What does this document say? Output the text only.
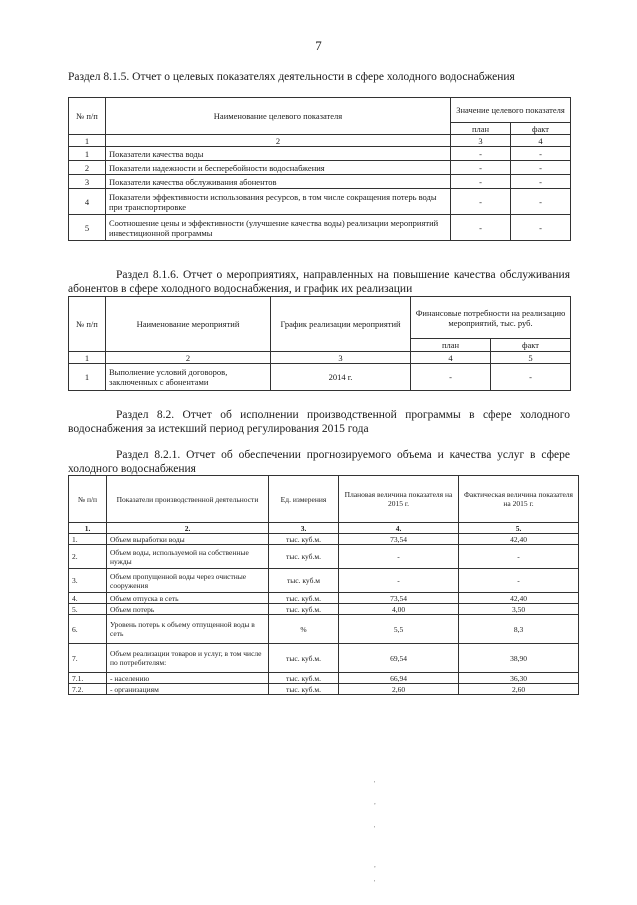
7
Раздел 8.1.5. Отчет о целевых показателях деятельности в сфере холодного водоснабжения
№ п/п	Наименование целевого показателя	Значение целевого показателя	
		план	факт
1	2	3	4
1	Показатели качества воды	-	-
2	Показатели надежности и бесперебойности водоснабжения	-	-
3	Показатели качества обслуживания абонентов	-	-
4	Показатели эффективности использования ресурсов, в том числе сокращения потерь воды при транспортировке	-	-
5	Соотношение цены и эффективности (улучшение качества воды) реализации мероприятий инвестиционной программы	-	-
Раздел 8.1.6. Отчет о мероприятиях, направленных на повышение качества обслуживания абонентов в сфере холодного водоснабжения, и график их реализации
№ п/п	Наименование мероприятий	График реализации мероприятий	Финансовые потребности на реализацию мероприятий, тыс. руб.	
			план	факт
1	2	3	4	5
1	Выполнение условий договоров, заключенных с абонентами	2014 г.	-	-
Раздел 8.2. Отчет об исполнении производственной программы в сфере холодного водоснабжения за истекший период регулирования 2015 года
Раздел 8.2.1. Отчет об обеспечении прогнозируемого объема и качества услуг в сфере холодного водоснабжения
№ п/п	Показатели производственной деятельности	Ед. измерения	Плановая величина показателя на 2015 г.	Фактическая величина показателя на 2015 г.
1.	2.	3.	4.	5.
1.	Объем выработки воды	тыс. куб.м.	73,54	42,40
2.	Объем воды, используемой на собственные нужды	тыс. куб.м.	-	-
3.	Объем пропущенной воды через очистные сооружения	тыс. куб.м	-	-
4.	Объем отпуска в сеть	тыс. куб.м.	73,54	42,40
5.	Объем потерь	тыс. куб.м.	4,00	3,50
6.	Уровень потерь к объему отпущенной воды в сеть	%	5,5	8,3
7.	Объем реализации товаров и услуг, в том числе по потребителям:	тыс. куб.м.	69,54	38,90
7.1.	- населению	тыс. куб.м.	66,94	36,30
7.2.	- организациям	тыс. куб.м.	2,60	2,60
'

,

'

,

'
